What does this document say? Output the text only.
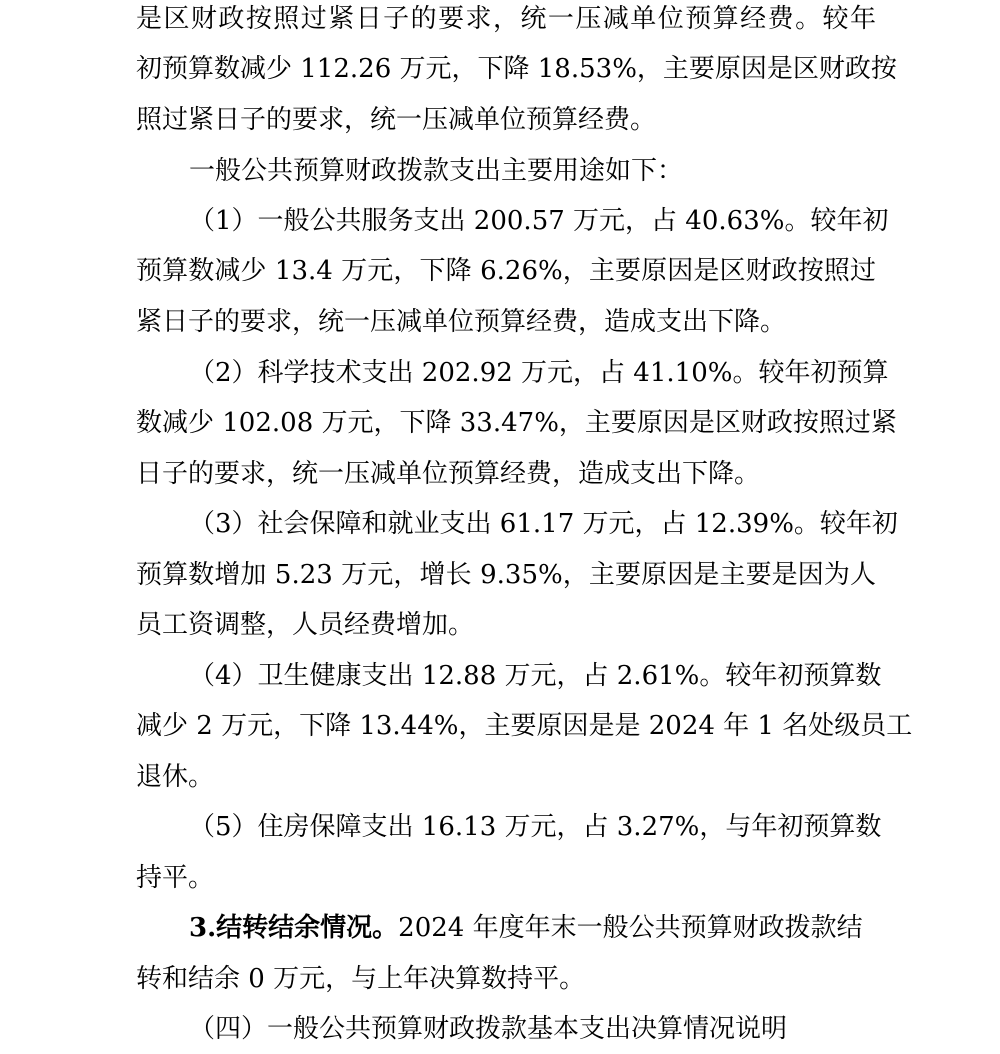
是区财政按照过紧日子的要求，统一压减单位预算经费。较年
初预算数减少 112.26 万元，下降 18.53%，主要原因是区财政按
照过紧日子的要求，统一压减单位预算经费。
一般公共预算财政拨款支出主要用途如下：
（1）一般公共服务支出 200.57 万元，占 40.63%。较年初
预算数减少 13.4 万元，下降 6.26%，主要原因是区财政按照过
紧日子的要求，统一压减单位预算经费，造成支出下降。
（2）科学技术支出 202.92 万元，占 41.10%。较年初预算
数减少 102.08 万元，下降 33.47%，主要原因是区财政按照过紧
日子的要求，统一压减单位预算经费，造成支出下降。
（3）社会保障和就业支出 61.17 万元，占 12.39%。较年初
预算数增加 5.23 万元，增长 9.35%，主要原因是主要是因为人
员工资调整，人员经费增加。
（4）卫生健康支出 12.88 万元，占 2.61%。较年初预算数
减少 2 万元，下降 13.44%，主要原因是是 2024 年 1 名处级员工
退休。
（5）住房保障支出 16.13 万元，占 3.27%，与年初预算数
持平。
3.结转结余情况。2024 年度年末一般公共预算财政拨款结
转和结余 0 万元，与上年决算数持平。
（四）一般公共预算财政拨款基本支出决算情况说明
